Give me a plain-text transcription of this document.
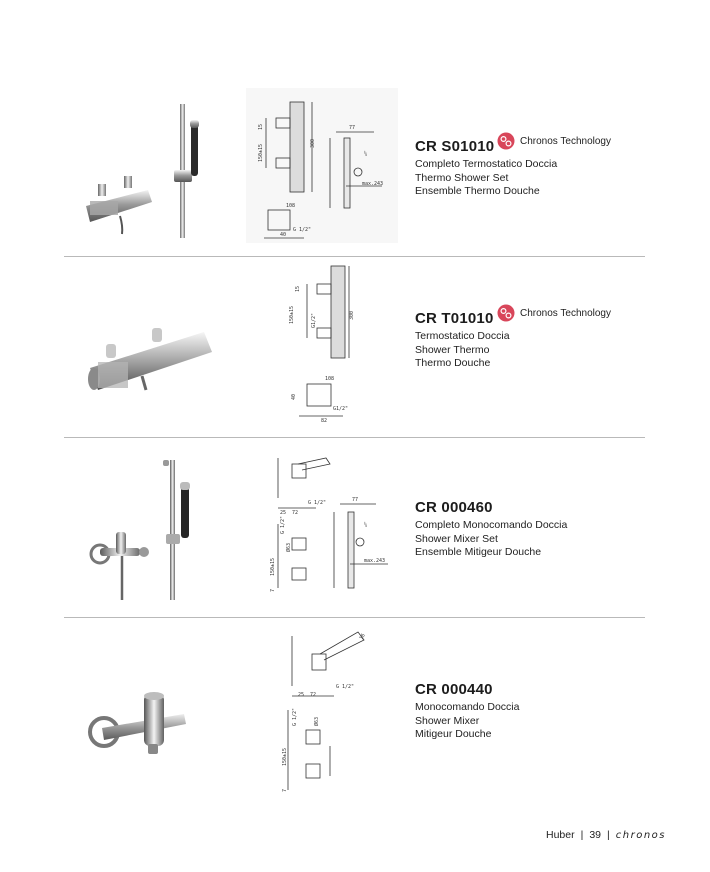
77
¼
300
max.243
108
40
G 1/2"
15
150±15	CR S01010
Completo Termostatico Doccia
Thermo Shower Set
Ensemble Thermo Douche
Chronos Technology
15
150±15	G1/2"	300
108
40
82
G1/2"
CR T01010
Termostatico Doccia
Shower Thermo
Thermo Douche
Chronos Technology
G 1/2"
25 72
G 1/2"
Ø63
150±15
7
77
¼
max.243
CR 000460
Completo Monocomando Doccia
Shower Mixer Set
Ensemble Mitigeur Douche
G 1/2"
25 72
G 1/2"	Ø63
150±15
7
16
CR 000440
Monocomando Doccia
Shower Mixer
Mitigeur Douche
Huber | 39 | chronos
